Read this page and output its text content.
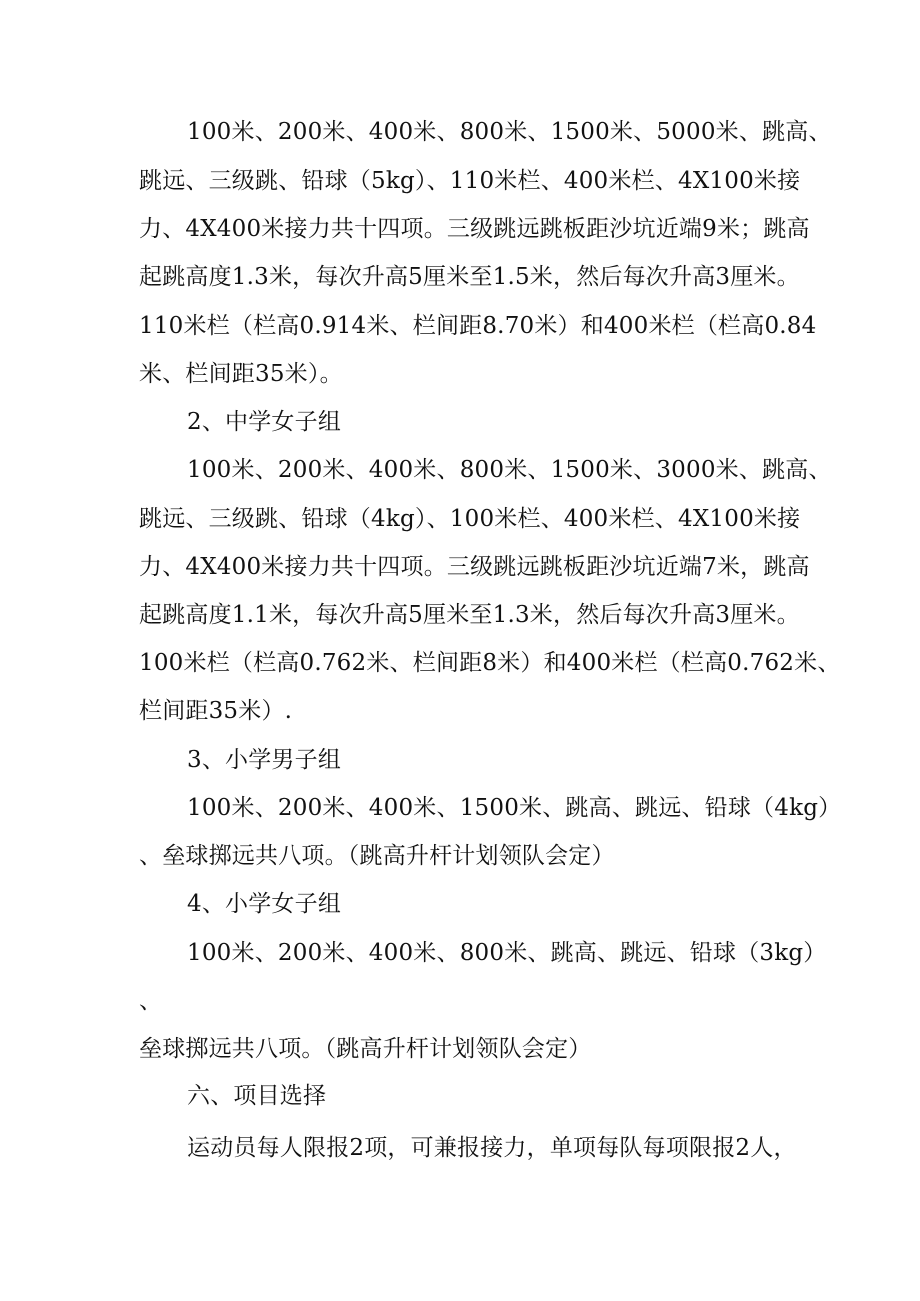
100米、200米、400米、800米、1500米、5000米、跳高、
跳远、三级跳、铅球（5kg）、110米栏、400米栏、4X100米接
力、4X400米接力共十四项。三级跳远跳板距沙坑近端9米；跳高
起跳高度1.3米，每次升高5厘米至1.5米，然后每次升高3厘米。
110米栏（栏高0.914米、栏间距8.70米）和400米栏（栏高0.84
米、栏间距35米）。
2、中学女子组
100米、200米、400米、800米、1500米、3000米、跳高、
跳远、三级跳、铅球（4kg）、100米栏、400米栏、4X100米接
力、4X400米接力共十四项。三级跳远跳板距沙坑近端7米，跳高
起跳高度1.1米，每次升高5厘米至1.3米，然后每次升高3厘米。
100米栏（栏高0.762米、栏间距8米）和400米栏（栏高0.762米、
栏间距35米）.
3、小学男子组
100米、200米、400米、1500米、跳高、跳远、铅球（4kg）
、垒球掷远共八项。（跳高升杆计划领队会定）
4、小学女子组
100米、200米、400米、800米、跳高、跳远、铅球（3kg）
、
垒球掷远共八项。（跳高升杆计划领队会定）
六、项目选择
运动员每人限报2项，可兼报接力，单项每队每项限报2人，
